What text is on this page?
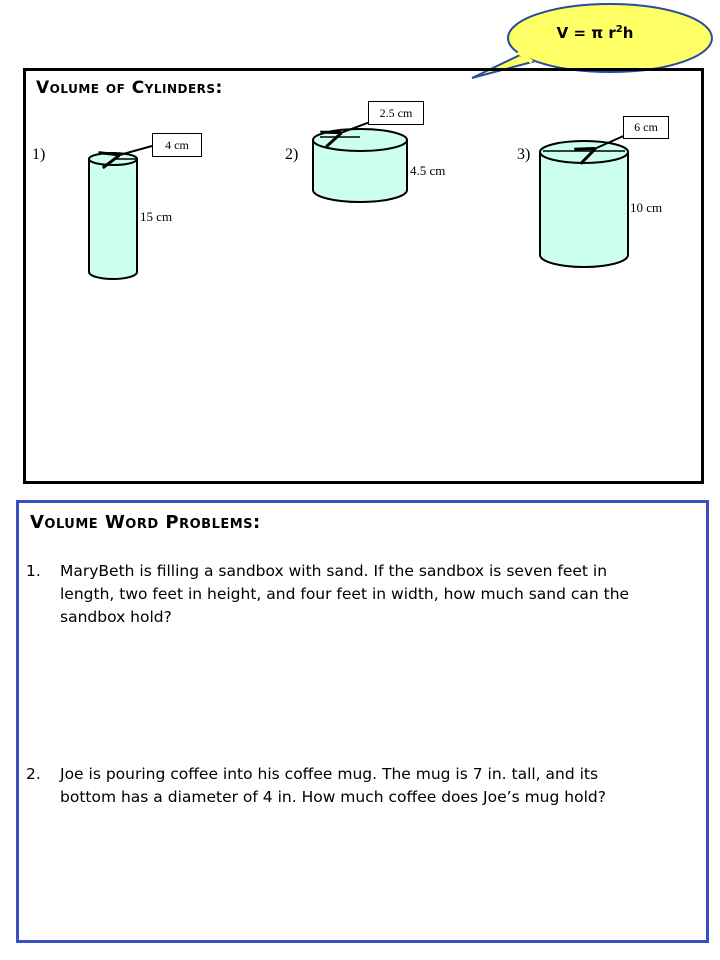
V = π $r^2h$
Volume of Cylinders:
1)	2)	3)
4 cm
2.5 cm
6 cm
15 cm
4.5 cm
10 cm
Volume Word Problems:
1. MaryBeth is filling a sandbox with sand. If the sandbox is seven feet in
length, two feet in height, and four feet in width, how much sand can the
sandbox hold?
2. Joe is pouring coffee into his coffee mug. The mug is 7 in. tall, and its
bottom has a diameter of 4 in. How much coffee does Joe’s mug hold?
